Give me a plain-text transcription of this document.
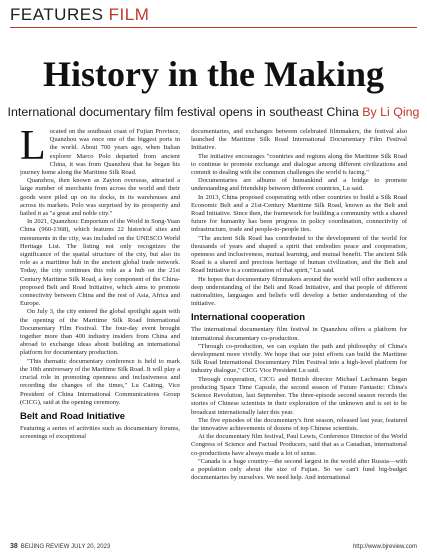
FEATURES FILM
History in the Making
International documentary film festival opens in southeast China By Li Qing

Located on the southeast coast of Fujian Province, Quanzhou was once one of the biggest ports in the world. About 700 years ago, when Italian explorer Marco Polo departed from ancient China, it was from Quanzhou that he began his journey home along the Maritime Silk Road.

Quanzhou, then known as Zayton overseas, attracted a large number of merchants from across the world and their goods were piled up on its docks, in its warehouses and across its markets. Polo was surprised by its prosperity and hailed it as "a great and noble city."

In 2021, Quanzhou: Emporium of the World in Song-Yuan China (960-1368), which features 22 historical sites and monuments in the city, was included on the UNESCO World Heritage List. The listing not only recognizes the significance of the spatial structure of the city, but also its role as a maritime hub in the ancient global trade network. Today, the city continues this role as a hub on the 21st Century Maritime Silk Road, a key component of the China-proposed Belt and Road Initiative, which aims to promote connectivity between China and the rest of Asia, Africa and Europe.

On July 3, the city entered the global spotlight again with the opening of the Maritime Silk Road International Documentary Film Festival. The four-day event brought together more than 400 industry insiders from China and abroad to exchange ideas about building an international platform for documentary production.

"This thematic documentary conference is held to mark the 10th anniversary of the Maritime Silk Road. It will play a crucial role in promoting openness and inclusiveness and recording the changes of the times," Lu Caiting, Vice President of China International Communications Group (CICG), said at the opening ceremony.

Belt and Road Initiative

Featuring a series of activities such as documentary forums, screenings of exceptional

documentaries, and exchanges between celebrated filmmakers, the festival also launched the Maritime Silk Road International Documentary Film Festival Initiative.

The initiative encourages "countries and regions along the Maritime Silk Road to continue to promote exchange and dialogue among different civilizations and commit to dealing with the common challenges the world is facing."

Documentaries are albums of humankind and a bridge to promote understanding and friendship between different countries, Lu said.

In 2013, China proposed cooperating with other countries to build a Silk Road Economic Belt and a 21st-Century Maritime Silk Road, known as the Belt and Road Initiative. Since then, the framework for building a community with a shared future for humanity has been progress in policy coordination, connectivity of infrastructure, trade and people-to-people ties.

"The ancient Silk Road has contributed to the development of the world for thousands of years and shaped a spirit that embodies peace and cooperation, openness and inclusiveness, mutual learning, and mutual benefit. The ancient Silk Road is a shared and precious heritage of human civilization, and the Belt and Road Initiative is a continuation of that spirit," Lu said.

He hopes that documentary filmmakers around the world will offer audiences a deep understanding of the Belt and Road Initiative, and that people of different nationalities, languages and beliefs will develop a better understanding of the initiative.

International cooperation

The international documentary film festival in Quanzhou offers a platform for international documentary co-production.

"Through co-production, we can explain the path and philosophy of China's development more vividly. We hope that our joint efforts can build the Maritime Silk Road International Documentary Film Festival into a high-level platform for industry dialogue," CICG Vice President Lu said.

Through cooperation, CICG and British director Michael Lachmann began producing Space Time Capsule, the second season of Future Fantastic: China's Science Revolution, last September. The three-episode second season records the stories of Chinese scientists in their exploration of the unknown and is set to be broadcast internationally later this year.

The five episodes of the documentary's first season, released last year, featured the innovative achievements of dozens of top Chinese scientists.

At the documentary film festival, Paul Lewis, Conference Director of the World Congress of Science and Factual Producers, said that as a Canadian, international co-productions have always made a lot of sense.

"Canada is a huge country—the second largest in the world after Russia—with a population only about the size of Fujian. So we can't fund big-budget documentaries by ourselves. We need help. And international

38 BEIJING REVIEW JULY 20, 2023	http://www.bjreview.com
